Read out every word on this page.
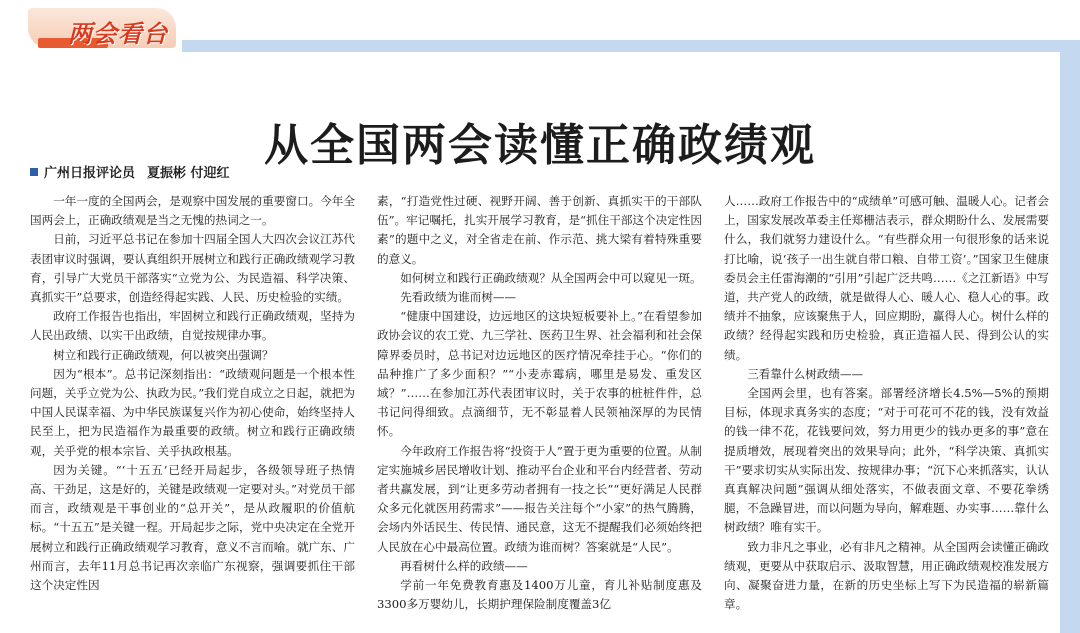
两会看台
从全国两会读懂正确政绩观
广州日报评论员 夏振彬 付迎红

一年一度的全国两会，是观察中国发展的重要窗口。今年全国两会上，正确政绩观是当之无愧的热词之一。

日前，习近平总书记在参加十四届全国人大四次会议江苏代表团审议时强调，要认真组织开展树立和践行正确政绩观学习教育，引导广大党员干部落实“立党为公、为民造福、科学决策、真抓实干”总要求，创造经得起实践、人民、历史检验的实绩。

政府工作报告也指出，牢固树立和践行正确政绩观，坚持为人民出政绩、以实干出政绩，自觉按规律办事。

树立和践行正确政绩观，何以被突出强调？

因为“根本”。总书记深刻指出：“政绩观问题是一个根本性问题，关乎立党为公、执政为民。”我们党自成立之日起，就把为中国人民谋幸福、为中华民族谋复兴作为初心使命，始终坚持人民至上，把为民造福作为最重要的政绩。树立和践行正确政绩观，关乎党的根本宗旨、关乎执政根基。

因为关键。“‘十五五’已经开局起步，各级领导班子热情高、干劲足，这是好的，关键是政绩观一定要对头。”对党员干部而言，政绩观是干事创业的“总开关”，是从政履职的价值航标。“十五五”是关键一程。开局起步之际，党中央决定在全党开展树立和践行正确政绩观学习教育，意义不言而喻。就广东、广州而言，去年11月总书记再次亲临广东视察，强调要抓住干部这个决定性因

素，“打造党性过硬、视野开阔、善于创新、真抓实干的干部队伍”。牢记嘱托，扎实开展学习教育，是“抓住干部这个决定性因素”的题中之义，对全省走在前、作示范、挑大梁有着特殊重要的意义。

如何树立和践行正确政绩观？从全国两会中可以窥见一斑。

先看政绩为谁而树——

“健康中国建设，边远地区的这块短板要补上。”在看望参加政协会议的农工党、九三学社、医药卫生界、社会福利和社会保障界委员时，总书记对边远地区的医疗情况牵挂于心。“你们的品种推广了多少面积？”“小麦赤霉病，哪里是易发、重发区域？”……在参加江苏代表团审议时，关于农事的桩桩件件，总书记问得细致。点滴细节，无不彰显着人民领袖深厚的为民情怀。

今年政府工作报告将“投资于人”置于更为重要的位置。从制定实施城乡居民增收计划、推动平台企业和平台内经营者、劳动者共赢发展，到“让更多劳动者拥有一技之长”“更好满足人民群众多元化就医用药需求”——报告关注每个“小家”的热气腾腾，会场内外话民生、传民情、通民意，这无不提醒我们必须始终把人民放在心中最高位置。政绩为谁而树？答案就是“人民”。

再看树什么样的政绩——

学前一年免费教育惠及1400万儿童，育儿补贴制度惠及3300多万婴幼儿，长期护理保险制度覆盖3亿

人……政府工作报告中的“成绩单”可感可触、温暖人心。记者会上，国家发展改革委主任郑栅洁表示，群众期盼什么、发展需要什么，我们就努力建设什么。“有些群众用一句很形象的话来说打比喻，说‘孩子一出生就自带口粮、自带工资’。”国家卫生健康委员会主任雷海潮的“引用”引起广泛共鸣……《之江新语》中写道，共产党人的政绩，就是做得人心、暖人心、稳人心的事。政绩并不抽象，应该聚焦于人，回应期盼，赢得人心。树什么样的政绩？经得起实践和历史检验，真正造福人民、得到公认的实绩。

三看靠什么树政绩——

全国两会里，也有答案。部署经济增长4.5%—5%的预期目标，体现求真务实的态度；“对于可花可不花的钱，没有效益的钱一律不花，花钱要问效，努力用更少的钱办更多的事”意在提质增效，展现着突出的效果导向；此外，“科学决策、真抓实干”要求切实从实际出发、按规律办事；“沉下心来抓落实，认认真真解决问题”强调从细处落实，不做表面文章、不要花拳绣腿，不急躁冒进，而以问题为导向，解难题、办实事……靠什么树政绩？唯有实干。

致力非凡之事业，必有非凡之精神。从全国两会读懂正确政绩观，更要从中获取启示、汲取智慧，用正确政绩观校准发展方向、凝聚奋进力量，在新的历史坐标上写下为民造福的崭新篇章。
